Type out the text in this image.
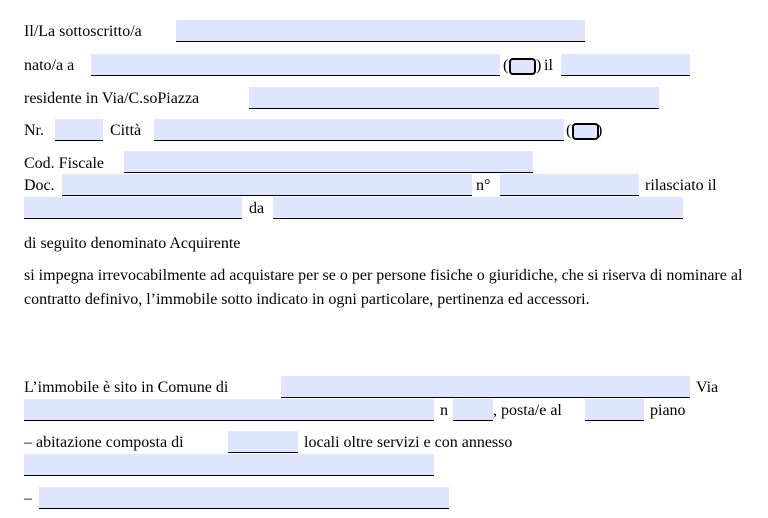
Il/La sottoscritto/a
nato/a a	( ) il
residente in Via/C.soPiazza
Nr.	Città	( )
Cod. Fiscale
Doc.	n°	rilasciato il
da
di seguito denominato Acquirente
si impegna irrevocabilmente ad acquistare per se o per persone fisiche o giuridiche, che si riserva di nominare al contratto definivo, l’immobile sotto indicato in ogni particolare, pertinenza ed accessori.
L’immobile è sito in Comune di	Via
n	, posta/e al	piano
– abitazione composta di	locali oltre servizi e con annesso
–
